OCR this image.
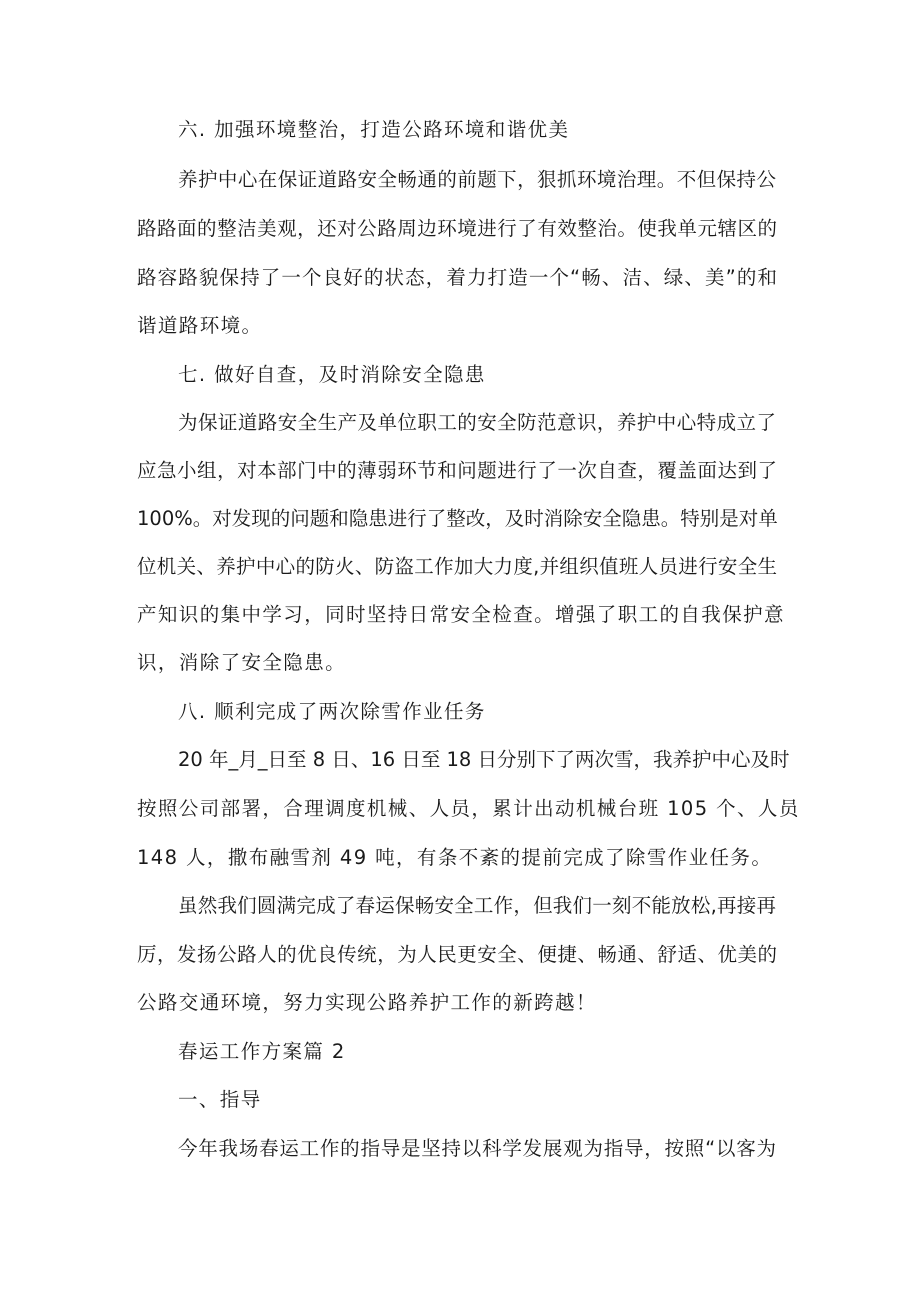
六. 加强环境整治，打造公路环境和谐优美
养护中心在保证道路安全畅通的前题下，狠抓环境治理。不但保持公
路路面的整洁美观，还对公路周边环境进行了有效整治。使我单元辖区的
路容路貌保持了一个良好的状态，着力打造一个“畅、洁、绿、美”的和
谐道路环境。
七. 做好自查，及时消除安全隐患
为保证道路安全生产及单位职工的安全防范意识，养护中心特成立了
应急小组，对本部门中的薄弱环节和问题进行了一次自查，覆盖面达到了
100%。对发现的问题和隐患进行了整改，及时消除安全隐患。特别是对单
位机关、养护中心的防火、防盗工作加大力度,并组织值班人员进行安全生
产知识的集中学习，同时坚持日常安全检查。增强了职工的自我保护意
识，消除了安全隐患。
八. 顺利完成了两次除雪作业任务
20 年_月_日至 8 日、16 日至 18 日分别下了两次雪，我养护中心及时
按照公司部署，合理调度机械、人员，累计出动机械台班 105 个、人员
148 人，撒布融雪剂 49 吨，有条不紊的提前完成了除雪作业任务。
虽然我们圆满完成了春运保畅安全工作，但我们一刻不能放松,再接再
厉，发扬公路人的优良传统，为人民更安全、便捷、畅通、舒适、优美的
公路交通环境，努力实现公路养护工作的新跨越！
春运工作方案篇 2
一、指导
今年我场春运工作的指导是坚持以科学发展观为指导，按照“以客为
